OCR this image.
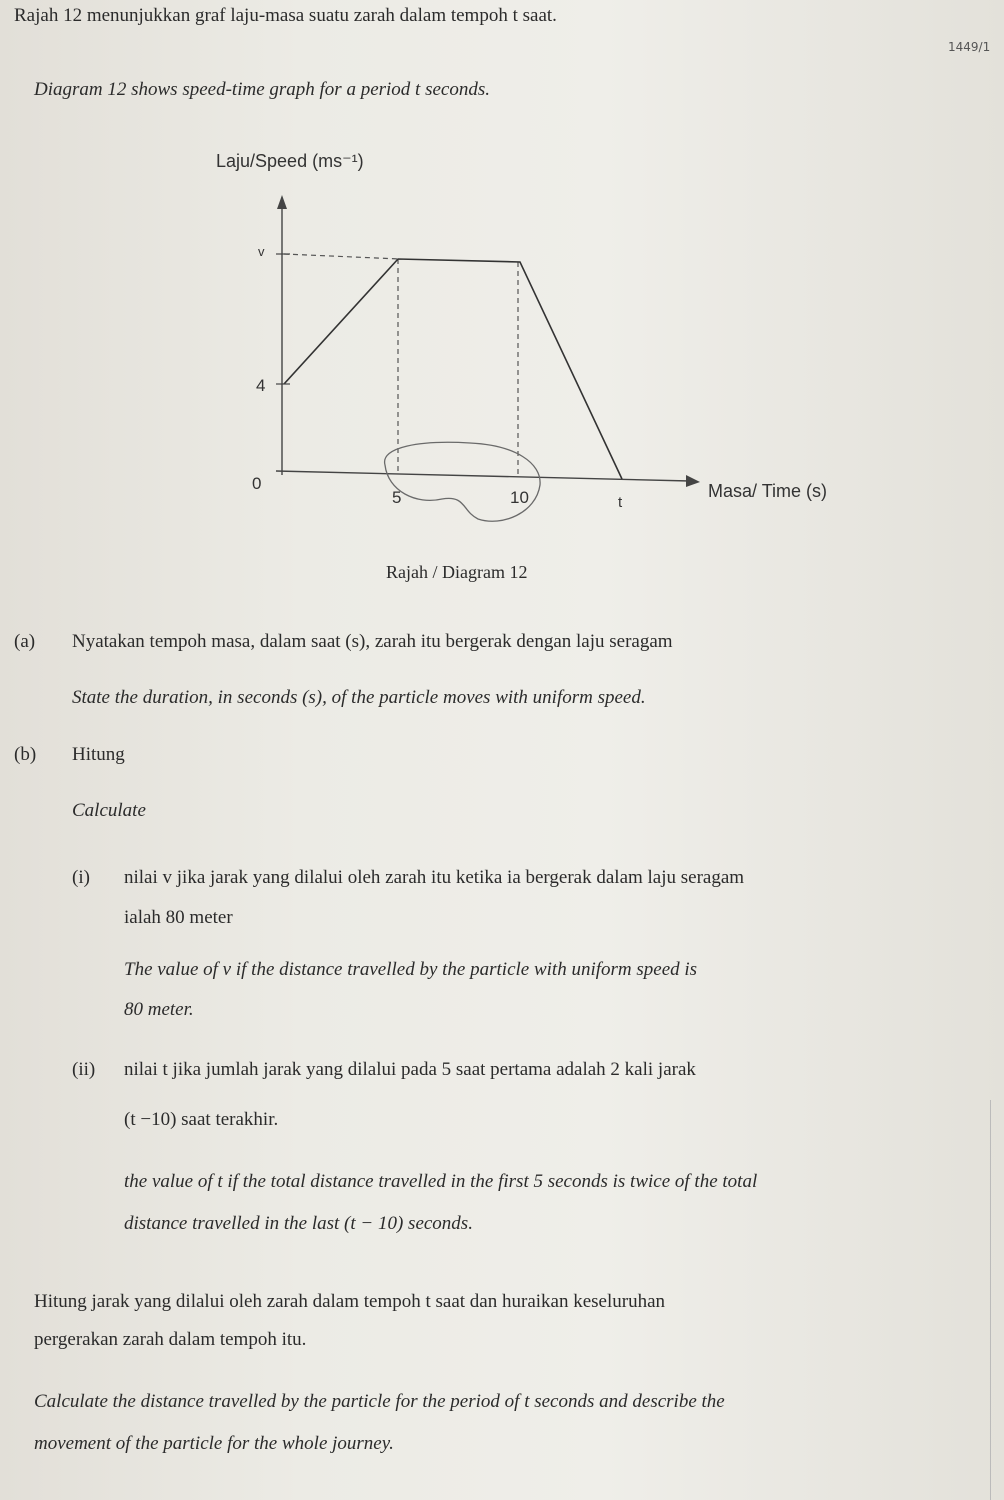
Rajah 12 menunjukkan graf laju-masa suatu zarah dalam tempoh t saat.
Diagram 12 shows speed-time graph for a period t seconds.
1449/1
Laju/Speed (ms⁻¹)
Masa/ Time (s)
v
4
0
5	10	t
Rajah / Diagram 12
(a) Nyatakan tempoh masa, dalam saat (s), zarah itu bergerak dengan laju seragam
State the duration, in seconds (s), of the particle moves with uniform speed.
(b) Hitung
Calculate
(i) nilai v jika jarak yang dilalui oleh zarah itu ketika ia bergerak dalam laju seragam
ialah 80 meter
The value of v if the distance travelled by the particle with uniform speed is
80 meter.
(ii) nilai t jika jumlah jarak yang dilalui pada 5 saat pertama adalah 2 kali jarak
(t −10) saat terakhir.
the value of t if the total distance travelled in the first 5 seconds is twice of the total
distance travelled in the last (t − 10) seconds.
Hitung jarak yang dilalui oleh zarah dalam tempoh t saat dan huraikan keseluruhan
pergerakan zarah dalam tempoh itu.
Calculate the distance travelled by the particle for the period of t seconds and describe the
movement of the particle for the whole journey.
